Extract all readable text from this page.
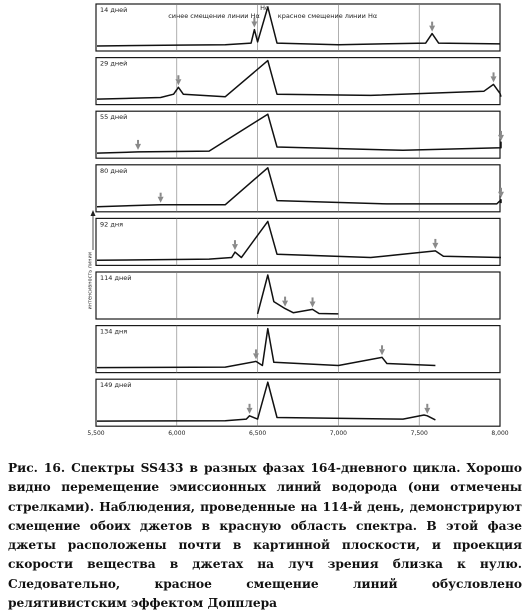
14 дней	Hα
синее смещение линии Hα	красное смещение линии Hα
29 дней
55 дней
80 дней
92 дня
114 дней
134 дня
149 дней
интенсивность линии
5,500	6,000	6,500	7,000	7,500	8,000

Рис. 16. Спектры SS433 в разных фазах 164-дневного цикла. Хорошо видно перемещение эмиссионных линий водорода (они отмечены стрелками). Наблюдения, проведенные на 114-й день, демонстрируют смещение обоих джетов в красную область спектра. В этой фазе джеты расположены почти в картинной плоскости, и проекция скорости вещества в джетах на луч зрения близка к нулю. Следовательно, красное смещение линий обусловлено релятивистским эффектом Допплера
